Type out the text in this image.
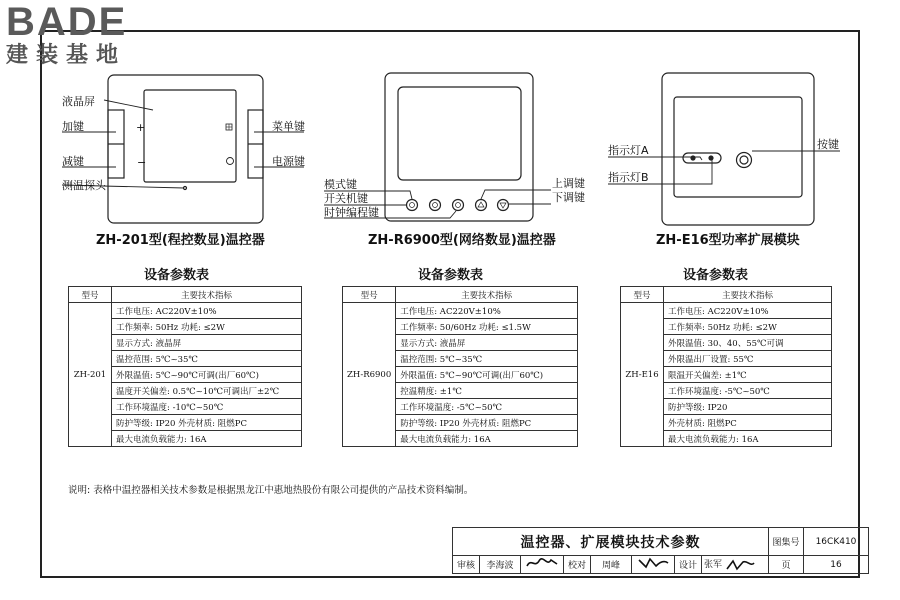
BADE
建装基地
液晶屏
加键
减键
测温探头
菜单键
电源键
+
−
ZH-201型(程控数显)温控器
模式键
开关机键
时钟编程键
上调键
下调键
ZH-R6900型(网络数显)温控器
指示灯A
指示灯B
按键
ZH-E16型功率扩展模块
设备参数表	设备参数表	设备参数表
型号	主要技术指标
ZH-201	工作电压: AC220V±10%
	工作频率: 50Hz 功耗: ≤2W
	显示方式: 液晶屏
	温控范围: 5℃~35℃
	外限温值: 5℃~90℃可调(出厂60℃)
	温度开关偏差: 0.5℃~10℃可调出厂±2℃
	工作环境温度: -10℃~50℃
	防护等级: IP20 外壳材质: 阻燃PC
	最大电流负载能力: 16A
型号	主要技术指标
ZH-R6900	工作电压: AC220V±10%
	工作频率: 50/60Hz 功耗: ≤1.5W
	显示方式: 液晶屏
	温控范围: 5℃~35℃
	外限温值: 5℃~90℃可调(出厂60℃)
	控温精度: ±1℃
	工作环境温度: -5℃~50℃
	防护等级: IP20 外壳材质: 阻燃PC
	最大电流负载能力: 16A
型号	主要技术指标
ZH-E16	工作电压: AC220V±10%
	工作频率: 50Hz 功耗: ≤2W
	外限温值: 30、40、55℃可调
	外限温出厂设置: 55℃
	限温开关偏差: ±1℃
	工作环境温度: -5℃~50℃
	防护等级: IP20
	外壳材质: 阻燃PC
	最大电流负载能力: 16A
说明: 表格中温控器相关技术参数是根据黑龙江中惠地热股份有限公司提供的产品技术资料编制。
温控器、扩展模块技术参数								图集号	16CK410
审核	李海波		校对	周峰		设计	张军	页	16
